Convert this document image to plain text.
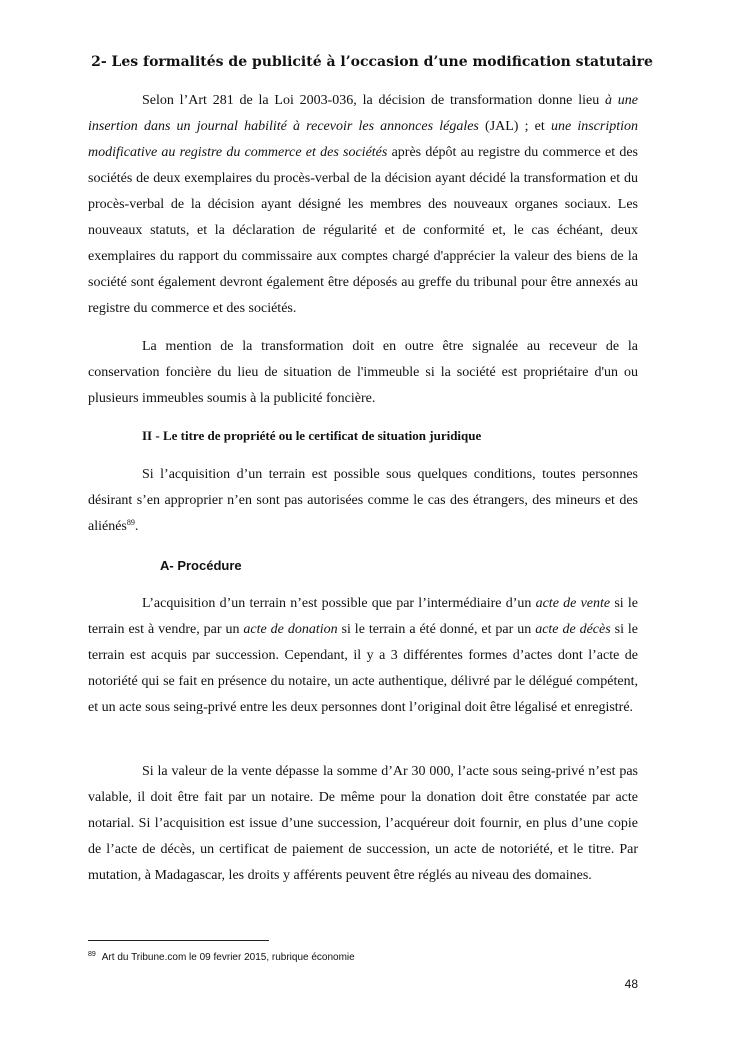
2- Les formalités de publicité à l’occasion d’une modification statutaire

Selon l’Art 281 de la Loi 2003-036, la décision de transformation donne lieu à une insertion dans un journal habilité à recevoir les annonces légales (JAL) ; et une inscription modificative au registre du commerce et des sociétés après dépôt au registre du commerce et des sociétés de deux exemplaires du procès-verbal de la décision ayant décidé la transformation et du procès-verbal de la décision ayant désigné les membres des nouveaux organes sociaux. Les nouveaux statuts, et la déclaration de régularité et de conformité et, le cas échéant, deux exemplaires du rapport du commissaire aux comptes chargé d'apprécier la valeur des biens de la société sont également devront également être déposés au greffe du tribunal pour être annexés au registre du commerce et des sociétés.

La mention de la transformation doit en outre être signalée au receveur de la conservation foncière du lieu de situation de l'immeuble si la société est propriétaire d'un ou plusieurs immeubles soumis à la publicité foncière.

II - Le titre de propriété ou le certificat de situation juridique

Si l’acquisition d’un terrain est possible sous quelques conditions, toutes personnes désirant s’en approprier n’en sont pas autorisées comme le cas des étrangers, des mineurs et des aliénés$^{89}$.

A- Procédure

L’acquisition d’un terrain n’est possible que par l’intermédiaire d’un acte de vente si le terrain est à vendre, par un acte de donation si le terrain a été donné, et par un acte de décès si le terrain est acquis par succession. Cependant, il y a 3 différentes formes d’actes dont l’acte de notoriété qui se fait en présence du notaire, un acte authentique, délivré par le délégué compétent, et un acte sous seing-privé entre les deux personnes dont l’original doit être légalisé et enregistré.

Si la valeur de la vente dépasse la somme d’Ar 30 000, l’acte sous seing-privé n’est pas valable, il doit être fait par un notaire. De même pour la donation doit être constatée par acte notarial. Si l’acquisition est issue d’une succession, l’acquéreur doit fournir, en plus d’une copie de l’acte de décès, un certificat de paiement de succession, un acte de notoriété, et le titre. Par mutation, à Madagascar, les droits y afférents peuvent être réglés au niveau des domaines.

$^{89}$ Art du Tribune.com le 09 fevrier 2015, rubrique économie
48
